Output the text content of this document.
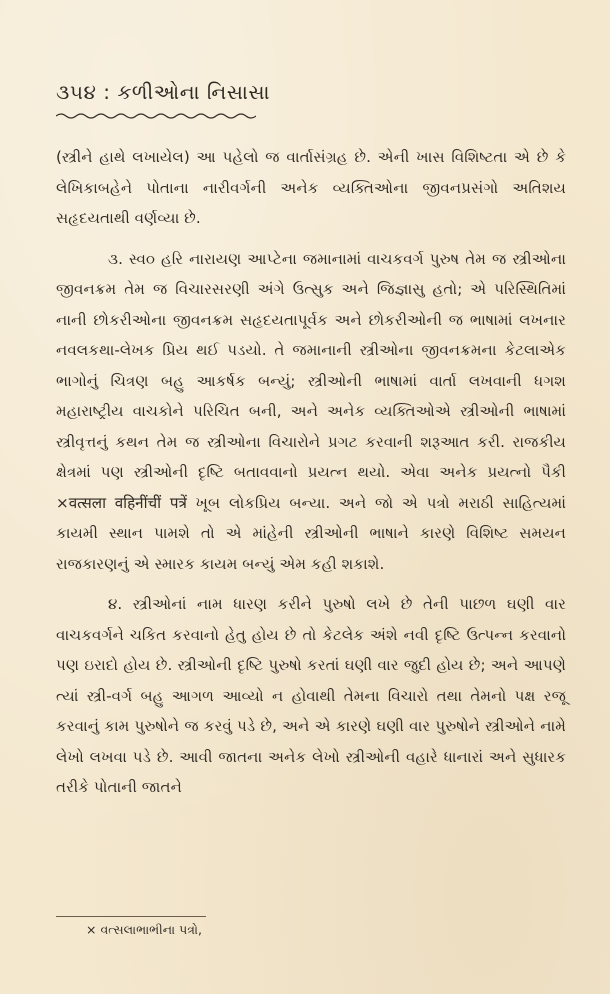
૩૫૪ : કળીઓના નિસાસા

(સ્ત્રીને હાથે લખાયેલ) આ પહેલો જ વાર્તાસંગ્રહ છે. એની ખાસ વિશિષ્ટતા એ છે કે લેખિકાબહેને પોતાના નારીવર્ગની અનેક વ્યક્તિઓના જીવનપ્રસંગો અતિશય સહૃદયતાથી વર્ણવ્યા છે.

૩. સ્વ૦ હરિ નારાયણ આપ્ટેના જમાનામાં વાચકવર્ગ પુરુષ તેમ જ સ્ત્રીઓના જીવનક્રમ તેમ જ વિચારસરણી અંગે ઉત્સુક અને જિજ્ઞાસુ હતો; એ પરિસ્થિતિમાં નાની છોકરીઓના જીવનક્રમ સહૃદયતાપૂર્વક અને છોકરીઓની જ ભાષામાં લખનાર નવલકથા-લેખક પ્રિય થઈ પડયો. તે જમાનાની સ્ત્રીઓના જીવનક્રમના કેટલાએક ભાગોનું ચિત્રણ બહુ આકર્ષક બન્યું; સ્ત્રીઓની ભાષામાં વાર્તા લખવાની ધગશ મહારાષ્ટ્રીય વાચકોને પરિચિત બની, અને અનેક વ્યક્તિઓએ સ્ત્રીઓની ભાષામાં સ્ત્રીવૃત્તનું કથન તેમ જ સ્ત્રીઓના વિચારોને પ્રગટ કરવાની શરૂઆત કરી. રાજકીય ક્ષેત્રમાં પણ સ્ત્રીઓની દૃષ્ટિ બતાવવાનો પ્રયત્ન થયો. એવા અનેક પ્રયત્નો પૈકી ×वत्सला वहिनींचीं पत्रें ખૂબ લોકપ્રિય બન્યા. અને જો એ પત્રો મરાઠી સાહિત્યમાં કાયમી સ્થાન પામશે તો એ માંહેની સ્ત્રીઓની ભાષાને કારણે વિશિષ્ટ સમયન રાજકારણનું એ સ્મારક કાયમ બન્યું એમ કહી શકાશે.

૪. સ્ત્રીઓનાં નામ ધારણ કરીને પુરુષો લખે છે તેની પાછળ ઘણી વાર વાચકવર્ગને ચકિત કરવાનો હેતુ હોય છે તો કેટલેક અંશે નવી દૃષ્ટિ ઉત્પન્ન કરવાનો પણ ઇરાદો હોય છે. સ્ત્રીઓની દૃષ્ટિ પુરુષો કરતાં ઘણી વાર જુદી હોય છે; અને આપણે ત્યાં સ્ત્રી-વર્ગ બહુ આગળ આવ્યો ન હોવાથી તેમના વિચારો તથા તેમનો પક્ષ રજૂ કરવાનું કામ પુરુષોને જ કરવું પડે છે, અને એ કારણે ઘણી વાર પુરુષોને સ્ત્રીઓને નામે લેખો લખવા પડે છે. આવી જાતના અનેક લેખો સ્ત્રીઓની વહારે ધાનારાં અને સુધારક તરીકે પોતાની જાતને

× વત્સલાભાભીના પત્રો,
